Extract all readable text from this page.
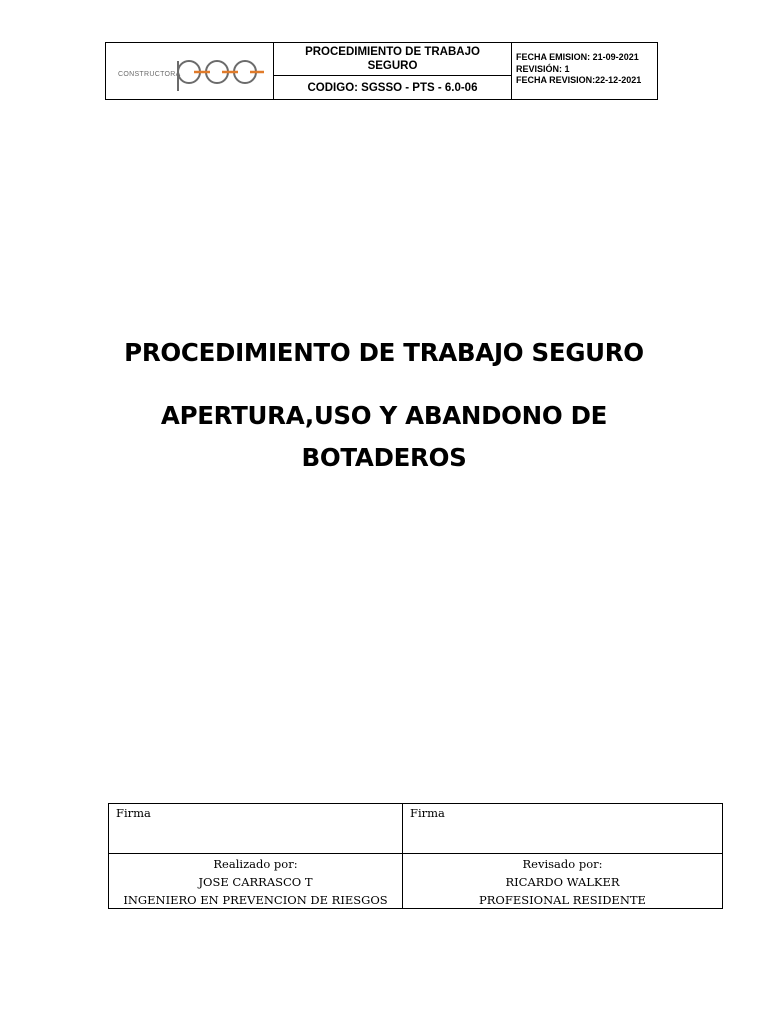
CONSTRUCTORA
PROCEDIMIENTO DE TRABAJO SEGURO
CODIGO: SGSSO - PTS - 6.0-06
FECHA EMISION: 21-09-2021
REVISIÓN: 1
FECHA REVISION:22-12-2021
PROCEDIMIENTO DE TRABAJO SEGURO
APERTURA,USO Y ABANDONO DE BOTADEROS
Firma	Firma
Realizado por:
JOSE CARRASCO T
INGENIERO EN PREVENCION DE RIESGOS
Revisado por:
RICARDO WALKER
PROFESIONAL RESIDENTE
